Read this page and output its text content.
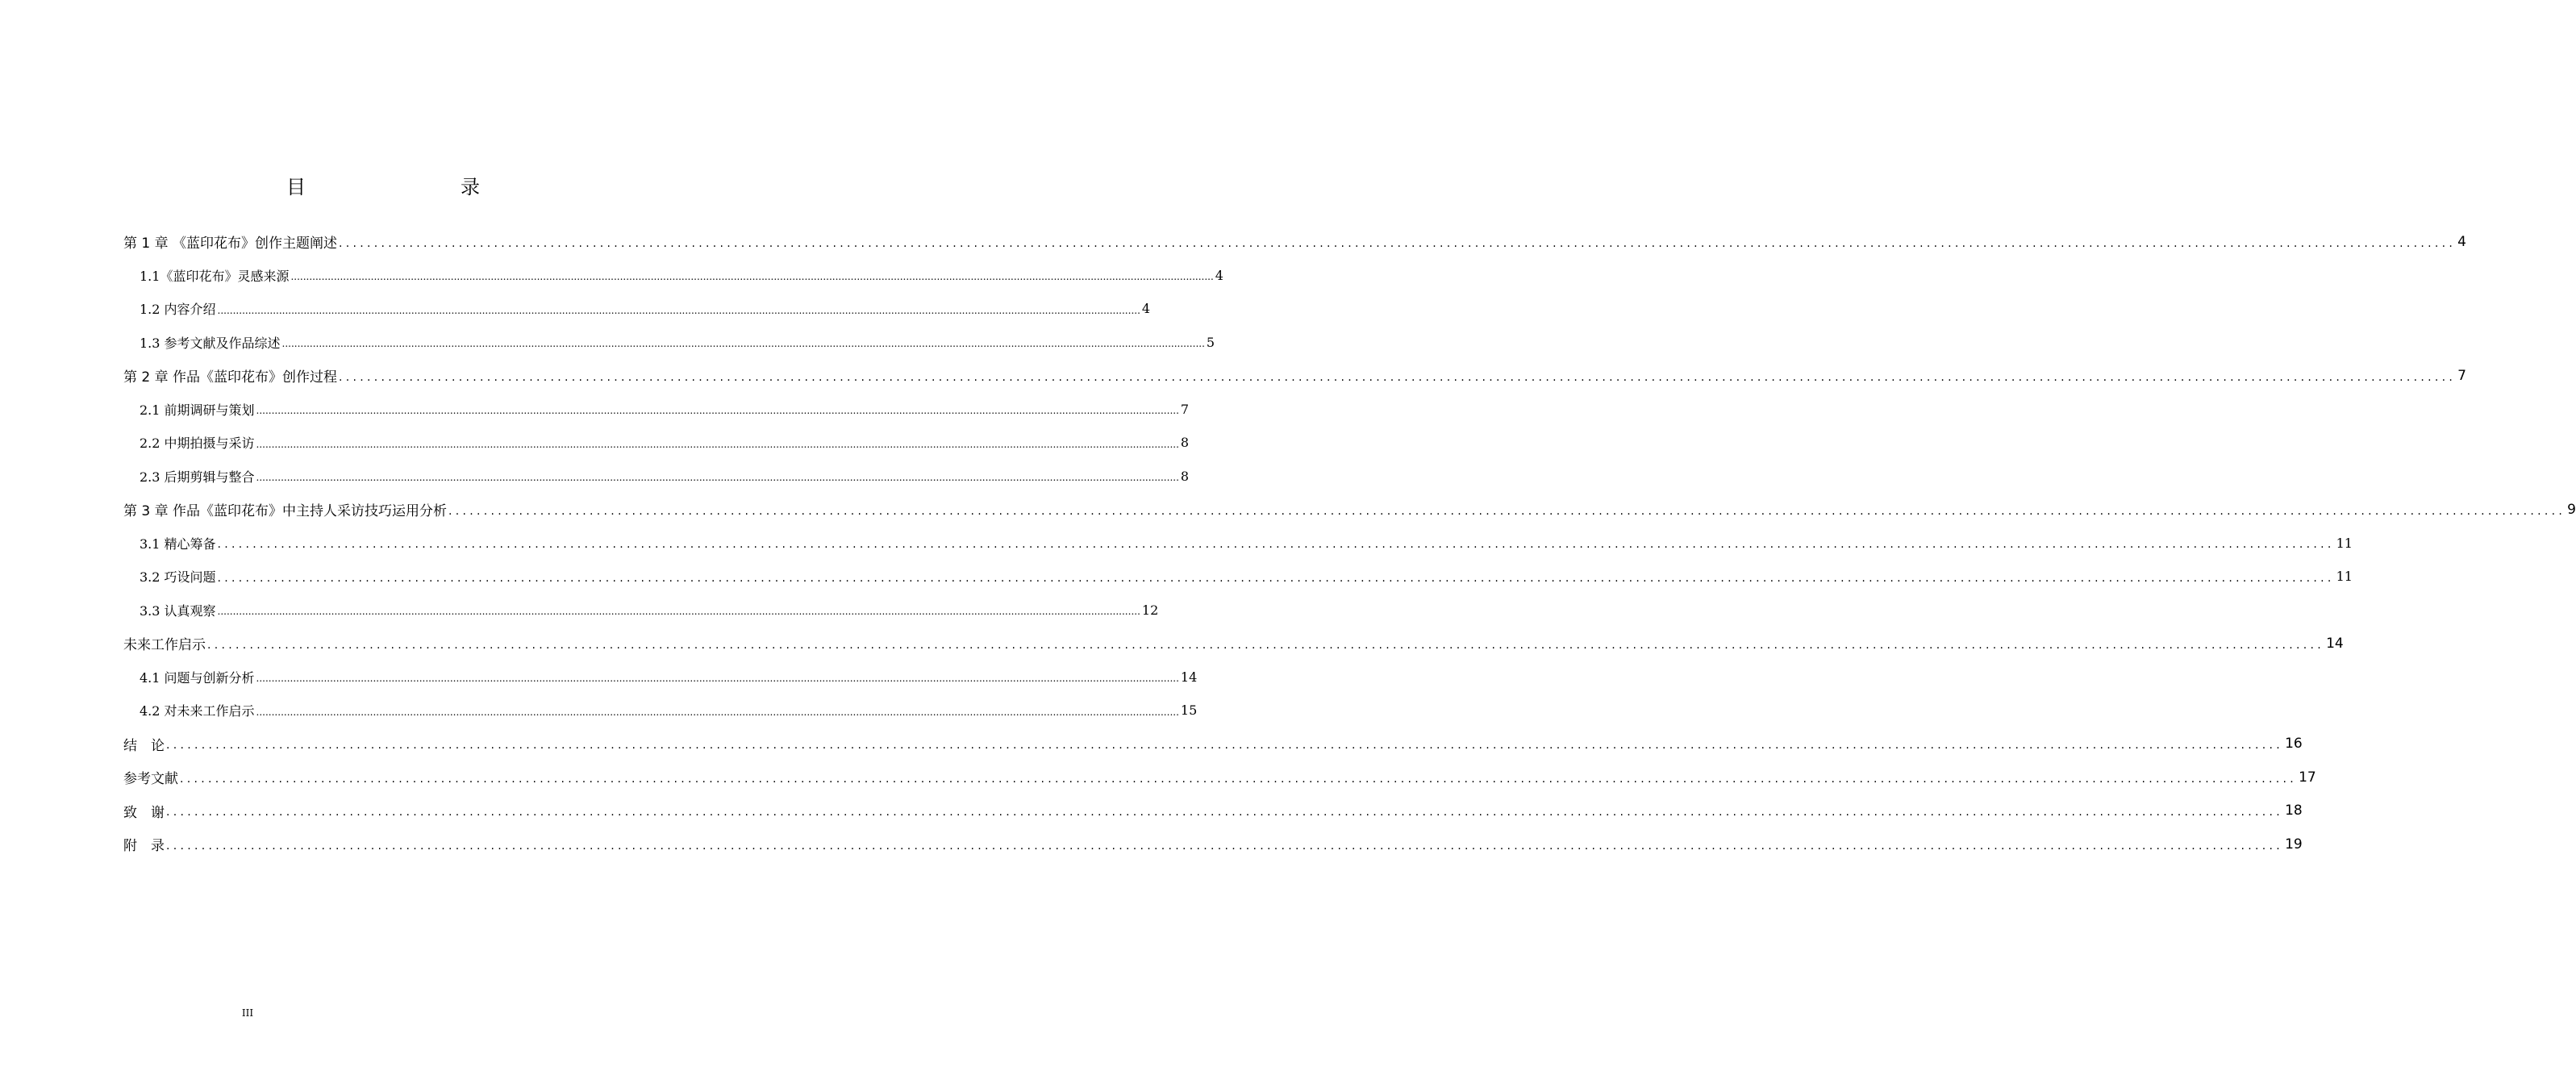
目　　录
第 1 章 《蓝印花布》创作主题阐述 ............................................................................................................................................................................................................................................................................................................ 4
1.1《蓝印花布》灵感来源 ............................................................................................................................................................................................................................................................................................................ 4
1.2 内容介绍 ............................................................................................................................................................................................................................................................................................................ 4
1.3 参考文献及作品综述 ............................................................................................................................................................................................................................................................................................................ 5
第 2 章 作品《蓝印花布》创作过程 ............................................................................................................................................................................................................................................................................................................ 7
2.1 前期调研与策划 ............................................................................................................................................................................................................................................................................................................ 7
2.2 中期拍摄与采访 ............................................................................................................................................................................................................................................................................................................ 8
2.3 后期剪辑与整合 ............................................................................................................................................................................................................................................................................................................ 8
第 3 章 作品《蓝印花布》中主持人采访技巧运用分析 ............................................................................................................................................................................................................................................................................................................ 9
3.1 精心筹备 ............................................................................................................................................................................................................................................................................................................ 11
3.2 巧设问题 ............................................................................................................................................................................................................................................................................................................ 11
3.3 认真观察 ............................................................................................................................................................................................................................................................................................................ 12
未来工作启示 ............................................................................................................................................................................................................................................................................................................ 14
4.1 问题与创新分析 ............................................................................................................................................................................................................................................................................................................ 14
4.2 对未来工作启示 ............................................................................................................................................................................................................................................................................................................ 15
结　论 ............................................................................................................................................................................................................................................................................................................ 16
参考文献 ............................................................................................................................................................................................................................................................................................................ 17
致　谢 ............................................................................................................................................................................................................................................................................................................ 18
附　录 ............................................................................................................................................................................................................................................................................................................ 19
III
